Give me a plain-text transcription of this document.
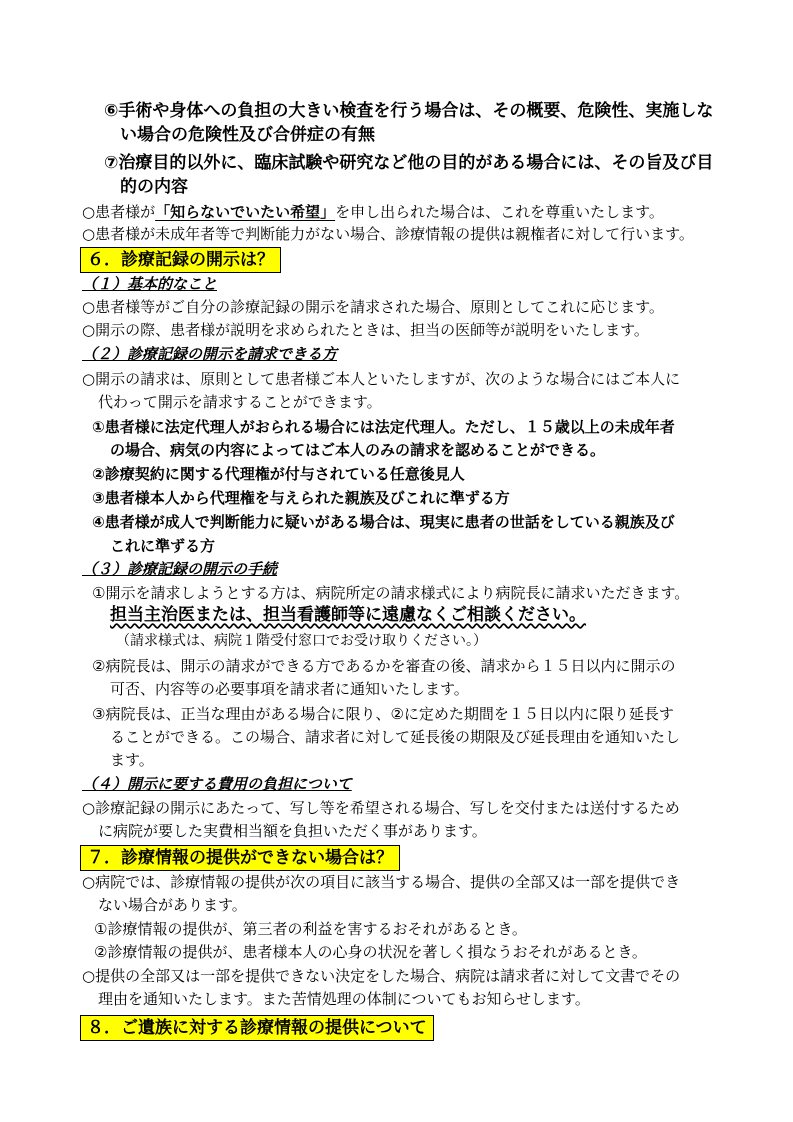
⑥手術や身体への負担の大きい検査を行う場合は、その概要、危険性、実施しな
い場合の危険性及び合併症の有無
⑦治療目的以外に、臨床試験や研究など他の目的がある場合には、その旨及び目
的の内容
○患者様が「知らないでいたい希望」を申し出られた場合は、これを尊重いたします。
○患者様が未成年者等で判断能力がない場合、診療情報の提供は親権者に対して行います。
６．診療記録の開示は？
（１）基本的なこと
○患者様等がご自分の診療記録の開示を請求された場合、原則としてこれに応じます。
○開示の際、患者様が説明を求められたときは、担当の医師等が説明をいたします。
（２）診療記録の開示を請求できる方
○開示の請求は、原則として患者様ご本人といたしますが、次のような場合にはご本人に
代わって開示を請求することができます。
①患者様に法定代理人がおられる場合には法定代理人。ただし、１５歳以上の未成年者
の場合、病気の内容によってはご本人のみの請求を認めることができる。
②診療契約に関する代理権が付与されている任意後見人
③患者様本人から代理権を与えられた親族及びこれに準ずる方
④患者様が成人で判断能力に疑いがある場合は、現実に患者の世話をしている親族及び
これに準ずる方
（３）診療記録の開示の手続
①開示を請求しようとする方は、病院所定の請求様式により病院長に請求いただきます。
担当主治医または、担当看護師等に遠慮なくご相談ください。
（請求様式は、病院１階受付窓口でお受け取りください。）
②病院長は、開示の請求ができる方であるかを審査の後、請求から１５日以内に開示の
可否、内容等の必要事項を請求者に通知いたします。
③病院長は、正当な理由がある場合に限り、②に定めた期間を１５日以内に限り延長す
ることができる。この場合、請求者に対して延長後の期限及び延長理由を通知いたし
ます。
（４）開示に要する費用の負担について
○診療記録の開示にあたって、写し等を希望される場合、写しを交付または送付するため
に病院が要した実費相当額を負担いただく事があります。
７．診療情報の提供ができない場合は？
○病院では、診療情報の提供が次の項目に該当する場合、提供の全部又は一部を提供でき
ない場合があります。
①診療情報の提供が、第三者の利益を害するおそれがあるとき。
②診療情報の提供が、患者様本人の心身の状況を著しく損なうおそれがあるとき。
○提供の全部又は一部を提供できない決定をした場合、病院は請求者に対して文書でその
理由を通知いたします。また苦情処理の体制についてもお知らせします。
８．ご遺族に対する診療情報の提供について
